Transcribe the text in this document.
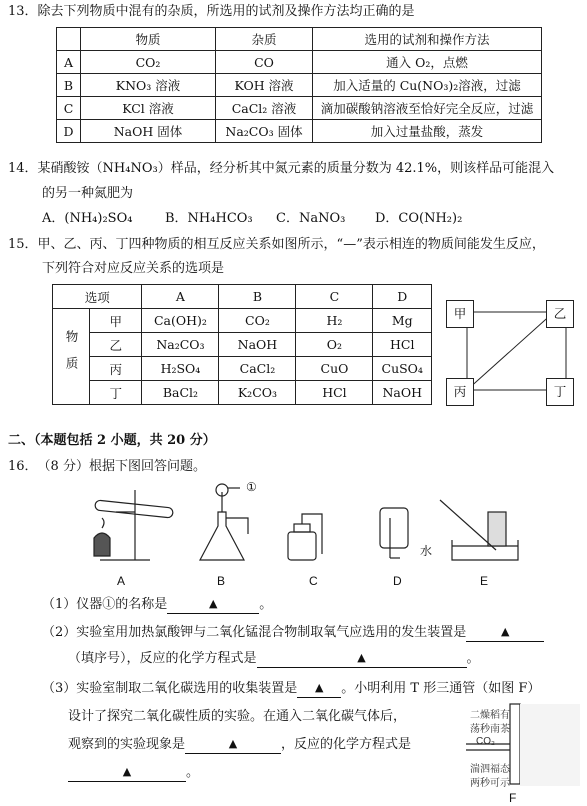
13．除去下列物质中混有的杂质，所选用的试剂及操作方法均正确的是
	物质	杂质	选用的试剂和操作方法
A	CO₂	CO	通入 O₂，点燃
B	KNO₃ 溶液	KOH 溶液	加入适量的 Cu(NO₃)₂溶液，过滤
C	KCl 溶液	CaCl₂ 溶液	滴加碳酸钠溶液至恰好完全反应，过滤
D	NaOH 固体	Na₂CO₃ 固体	加入过量盐酸，蒸发
14．某硝酸铵（NH₄NO₃）样品，经分析其中氮元素的质量分数为 42.1%，则该样品可能混入
的另一种氮肥为
A．(NH₄)₂SO₄	B．NH₄HCO₃ C．NaNO₃ D．CO(NH₂)₂
15．甲、乙、丙、丁四种物质的相互反应关系如图所示，“—”表示相连的物质间能发生反应，
下列符合对应反应关系的选项是
选项		A	B	C	D
物质	甲	Ca(OH)₂	CO₂	H₂	Mg
	乙	Na₂CO₃	NaOH	O₂	HCl
	丙	H₂SO₄	CaCl₂	CuO	CuSO₄
	丁	BaCl₂	K₂CO₃	HCl	NaOH
甲	乙
丙	丁
二、（本题包括 2 小题，共 20 分）
16．　（8 分）根据下图回答问题。
水
①
A	B	C	D	E
（1）仪器①的名称是	▲	。
（2）实验室用加热氯酸钾与二氧化锰混合物制取氧气应选用的发生装置是	▲
（填序号），反应的化学方程式是	▲	。
（3）实验室制取二氧化碳选用的收集装置是 ▲ 。小明利用 T 形三通管（如图 F）
设计了探究二氧化碳性质的实验。在通入二氧化碳气体后，
观察到的实验现象是	▲	，反应的化学方程式是
▲	。
二燥稻有
荡秒南茶
CO₂
湍泗福态
两秒可示
F
